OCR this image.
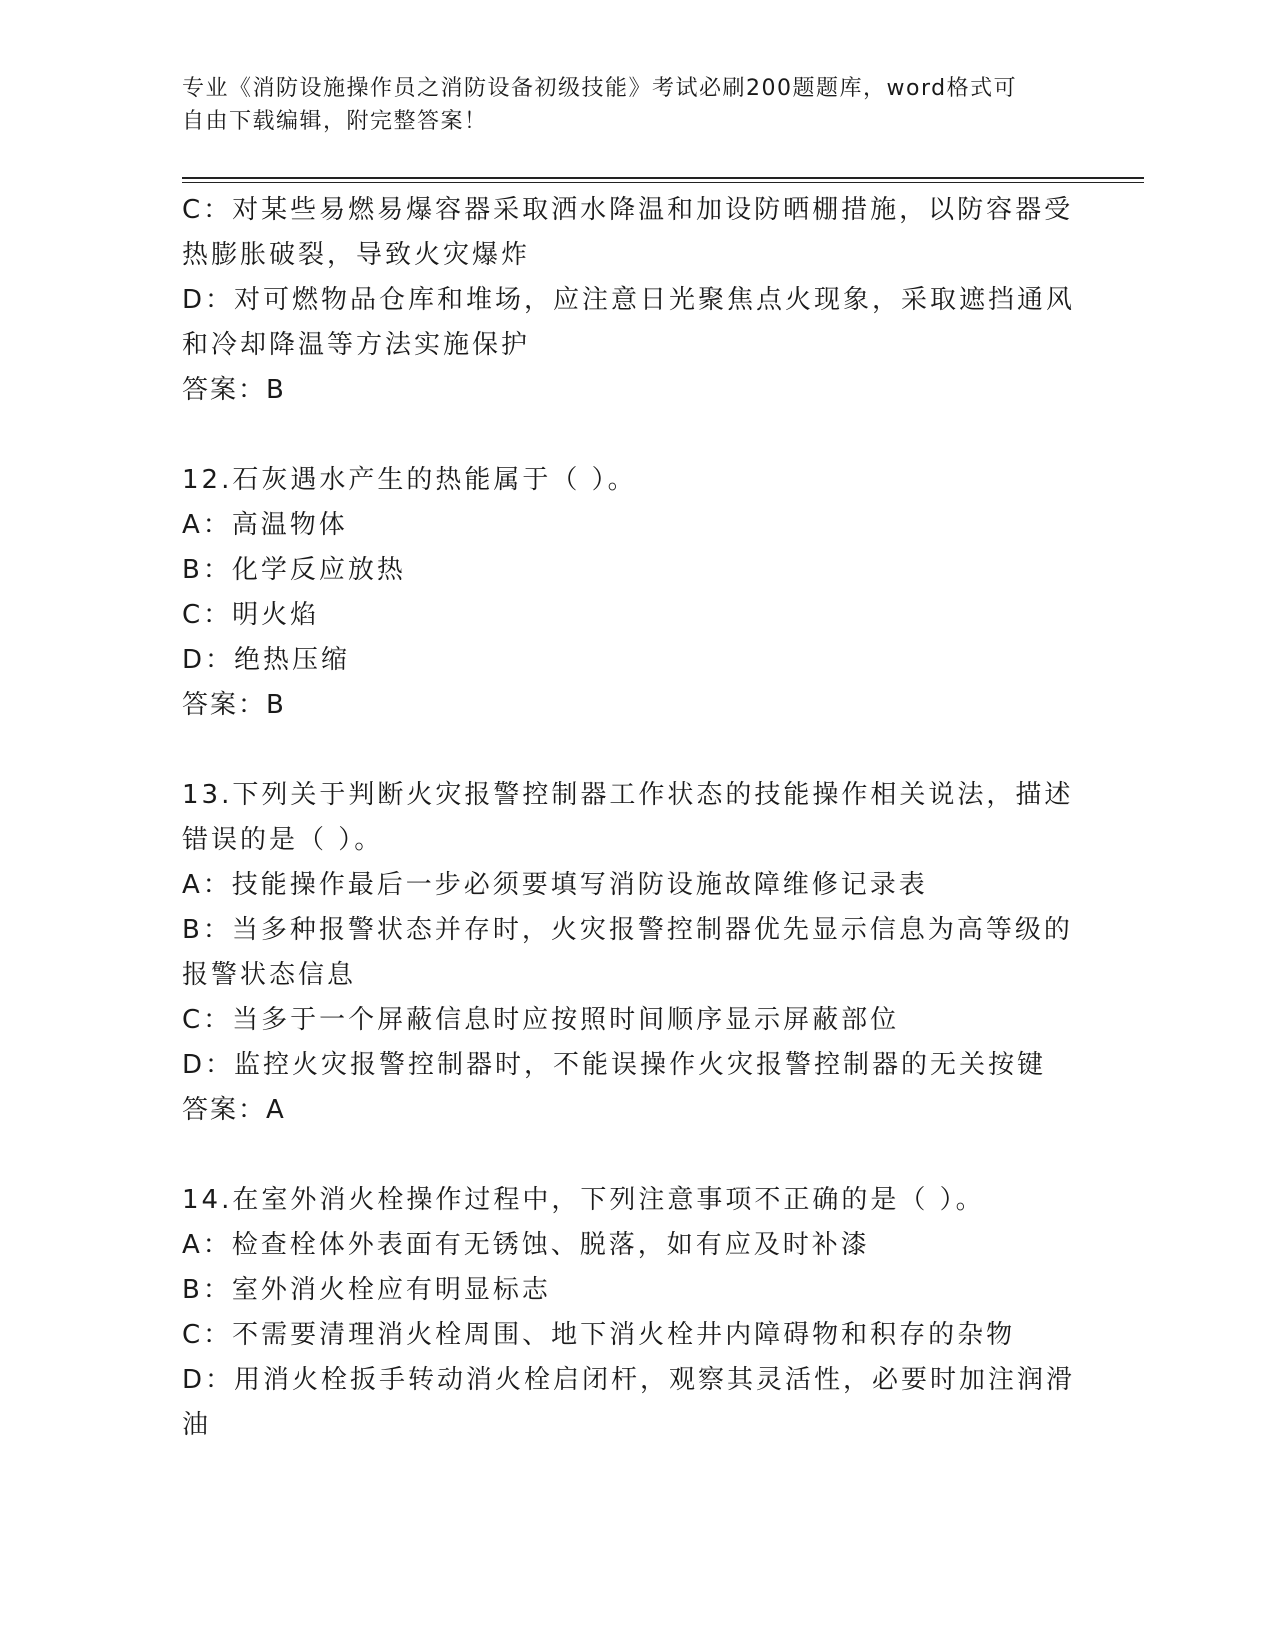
专业《消防设施操作员之消防设备初级技能》考试必刷200题题库，word格式可
自由下载编辑，附完整答案！
C：对某些易燃易爆容器采取洒水降温和加设防晒棚措施，以防容器受
热膨胀破裂，导致火灾爆炸
D：对可燃物品仓库和堆场，应注意日光聚焦点火现象，采取遮挡通风
和冷却降温等方法实施保护
答案：B
12.石灰遇水产生的热能属于（ ）。
A：高温物体
B：化学反应放热
C：明火焰
D：绝热压缩
答案：B
13.下列关于判断火灾报警控制器工作状态的技能操作相关说法，描述
错误的是（ ）。
A：技能操作最后一步必须要填写消防设施故障维修记录表
B：当多种报警状态并存时，火灾报警控制器优先显示信息为高等级的
报警状态信息
C：当多于一个屏蔽信息时应按照时间顺序显示屏蔽部位
D：监控火灾报警控制器时，不能误操作火灾报警控制器的无关按键
答案：A
14.在室外消火栓操作过程中，下列注意事项不正确的是（ ）。
A：检查栓体外表面有无锈蚀、脱落，如有应及时补漆
B：室外消火栓应有明显标志
C：不需要清理消火栓周围、地下消火栓井内障碍物和积存的杂物
D：用消火栓扳手转动消火栓启闭杆，观察其灵活性，必要时加注润滑
油
